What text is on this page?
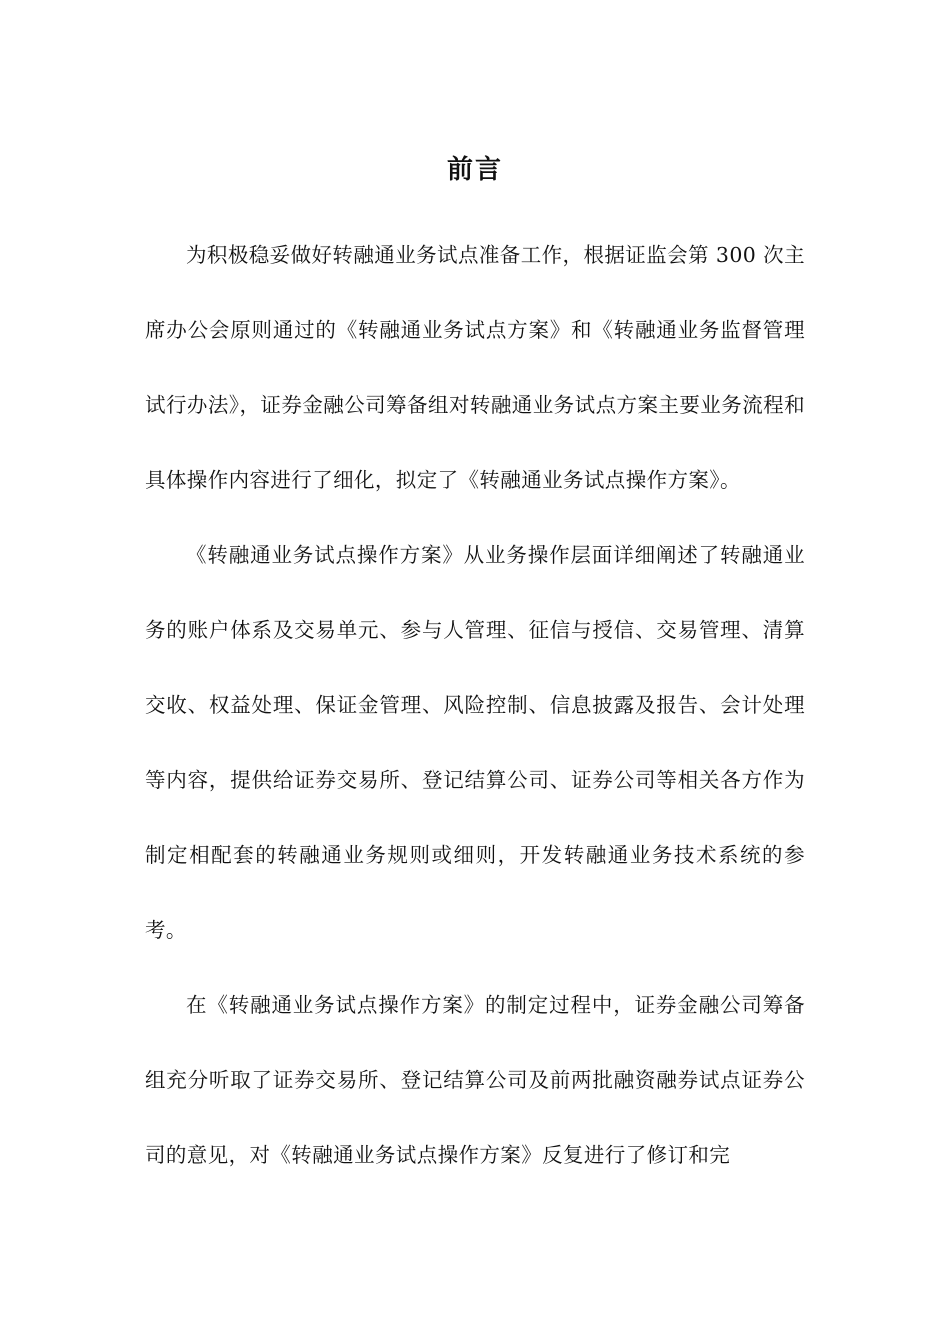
前言

为积极稳妥做好转融通业务试点准备工作，根据证监会第 300 次主席办公会原则通过的《转融通业务试点方案》和《转融通业务监督管理试行办法》，证券金融公司筹备组对转融通业务试点方案主要业务流程和具体操作内容进行了细化，拟定了《转融通业务试点操作方案》。

《转融通业务试点操作方案》从业务操作层面详细阐述了转融通业务的账户体系及交易单元、参与人管理、征信与授信、交易管理、清算交收、权益处理、保证金管理、风险控制、信息披露及报告、会计处理等内容，提供给证券交易所、登记结算公司、证券公司等相关各方作为制定相配套的转融通业务规则或细则，开发转融通业务技术系统的参考。

在《转融通业务试点操作方案》的制定过程中，证券金融公司筹备组充分听取了证券交易所、登记结算公司及前两批融资融券试点证券公司的意见，对《转融通业务试点操作方案》反复进行了修订和完
